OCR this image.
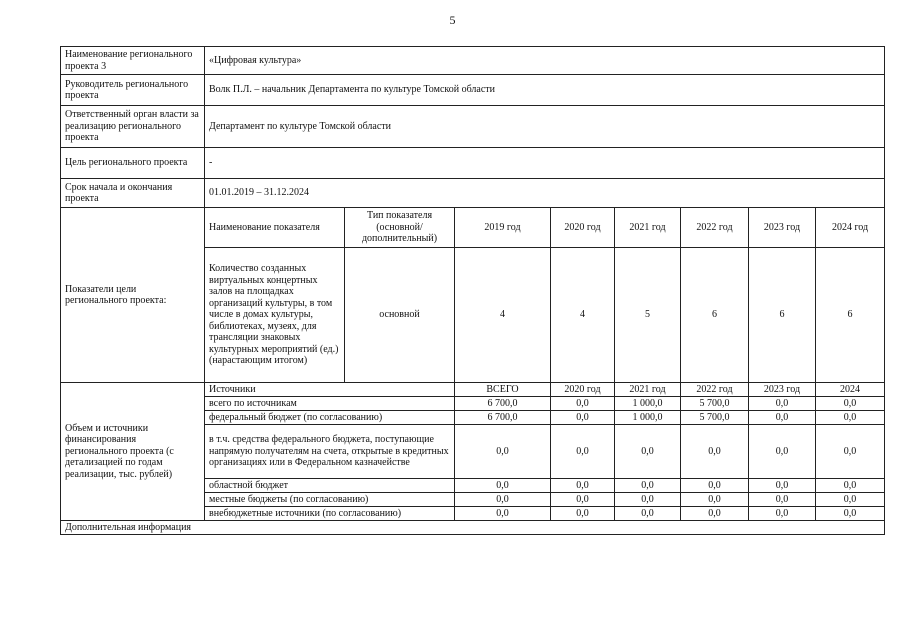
5
Наименование регионального проекта 3	«Цифровая культура»							
Руководитель регионального проекта	Волк П.Л. – начальник Департамента по культуре Томской области							
Ответственный орган власти за реализацию регионального проекта	Департамент по культуре Томской области							
Цель регионального проекта	-							
Срок начала и окончания проекта	01.01.2019 – 31.12.2024							
Показатели цели регионального проекта:	Наименование показателя	Тип показателя (основной/дополнительный)	2019 год	2020 год	2021 год	2022 год	2023 год	2024 год
	Количество созданных виртуальных концертных залов на площадках организаций культуры, в том числе в домах культуры, библиотеках, музеях, для трансляции знаковых культурных мероприятий (ед.) (нарастающим итогом)	основной	4	4	5	6	6	6
Объем и источники финансирования регионального проекта (с детализацией по годам реализации, тыс. рублей)	Источники		ВСЕГО	2020 год	2021 год	2022 год	2023 год	2024
	всего по источникам		6 700,0	0,0	1 000,0	5 700,0	0,0	0,0
	федеральный бюджет (по согласованию)		6 700,0	0,0	1 000,0	5 700,0	0,0	0,0
	в т.ч. средства федерального бюджета, поступающие напрямую получателям на счета, открытые в кредитных организациях или в Федеральном казначействе		0,0	0,0	0,0	0,0	0,0	0,0
	областной бюджет		0,0	0,0	0,0	0,0	0,0	0,0
	местные бюджеты (по согласованию)		0,0	0,0	0,0	0,0	0,0	0,0
	внебюджетные источники (по согласованию)		0,0	0,0	0,0	0,0	0,0	0,0
Дополнительная информация								
